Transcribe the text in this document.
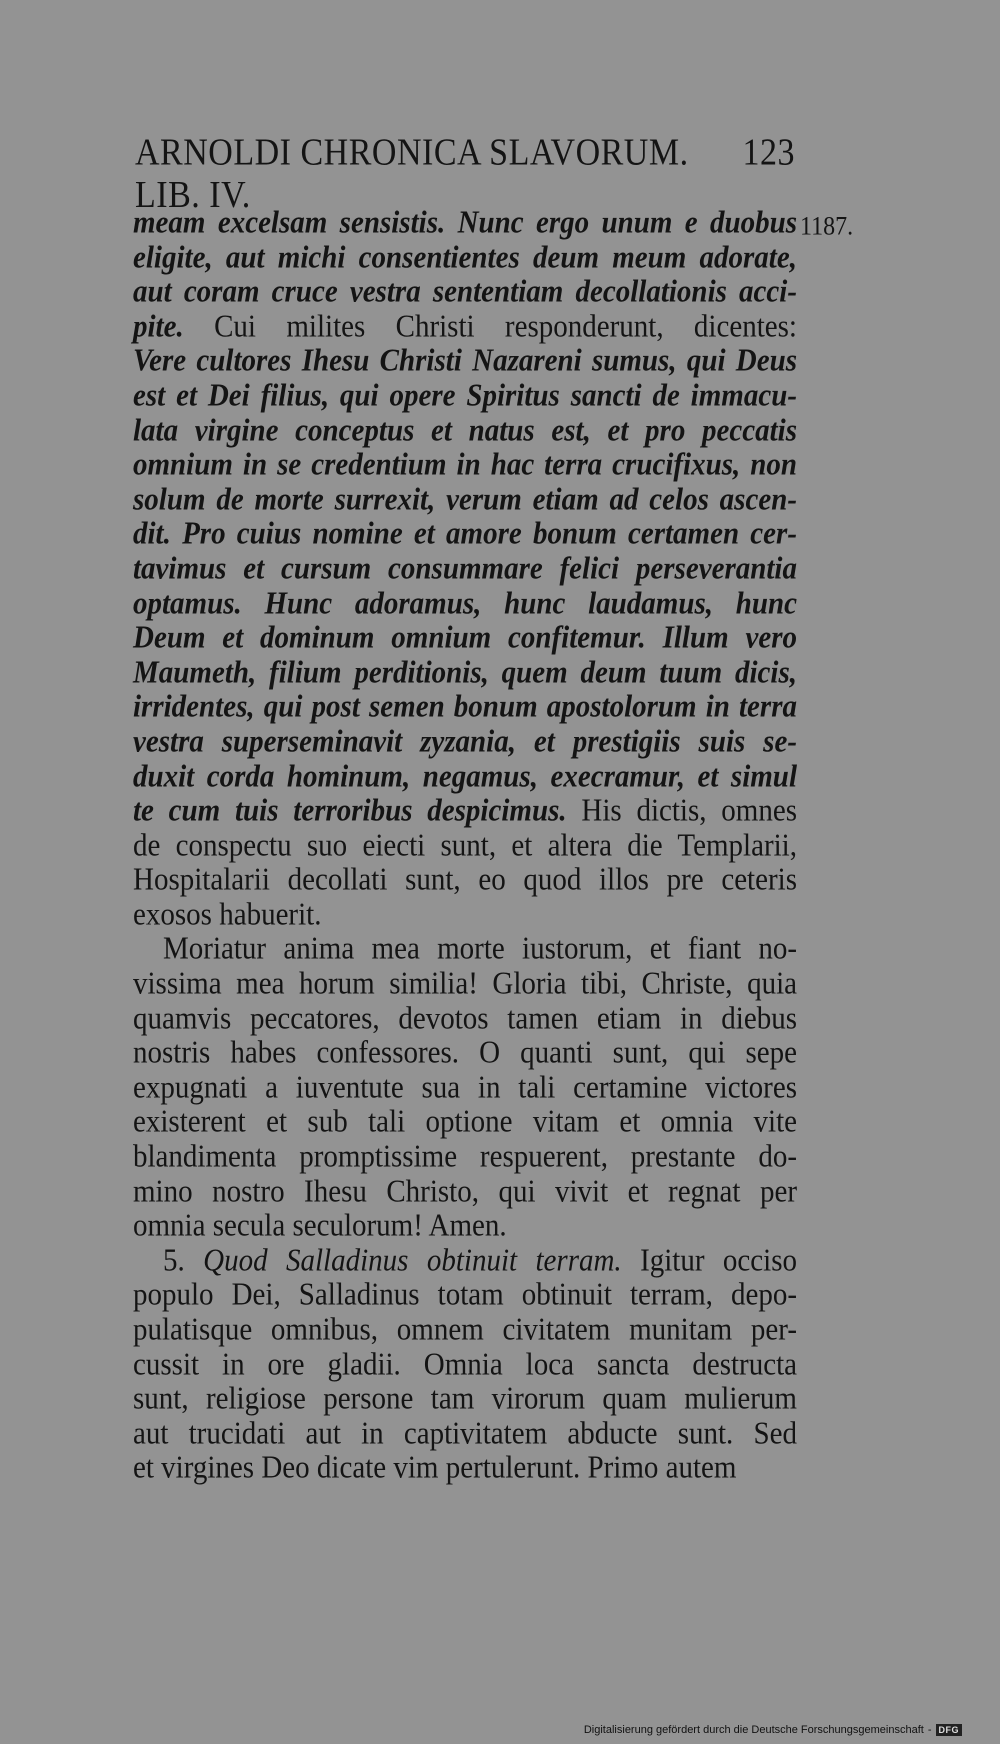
ARNOLDI CHRONICA SLAVORUM. LIB. IV.
123
1187.
meam excelsam sensistis. Nunc ergo unum e duobus
eligite, aut michi consentientes deum meum adorate,
aut coram cruce vestra sententiam decollationis acci-
pite. Cui milites Christi responderunt, dicentes:
Vere cultores Ihesu Christi Nazareni sumus, qui Deus
est et Dei filius, qui opere Spiritus sancti de immacu-
lata virgine conceptus et natus est, et pro peccatis
omnium in se credentium in hac terra crucifixus, non
solum de morte surrexit, verum etiam ad celos ascen-
dit. Pro cuius nomine et amore bonum certamen cer-
tavimus et cursum consummare felici perseverantia
optamus. Hunc adoramus, hunc laudamus, hunc
Deum et dominum omnium confitemur. Illum vero
Maumeth, filium perditionis, quem deum tuum dicis,
irridentes, qui post semen bonum apostolorum in terra
vestra superseminavit zyzania, et prestigiis suis se-
duxit corda hominum, negamus, execramur, et simul
te cum tuis terroribus despicimus. His dictis, omnes
de conspectu suo eiecti sunt, et altera die Templarii,
Hospitalarii decollati sunt, eo quod illos pre ceteris
exosos habuerit.
Moriatur anima mea morte iustorum, et fiant no-
vissima mea horum similia! Gloria tibi, Christe, quia
quamvis peccatores, devotos tamen etiam in diebus
nostris habes confessores. O quanti sunt, qui sepe
expugnati a iuventute sua in tali certamine victores
existerent et sub tali optione vitam et omnia vite
blandimenta promptissime respuerent, prestante do-
mino nostro Ihesu Christo, qui vivit et regnat per
omnia secula seculorum! Amen.
5. Quod Salladinus obtinuit terram. Igitur occiso
populo Dei, Salladinus totam obtinuit terram, depo-
pulatisque omnibus, omnem civitatem munitam per-
cussit in ore gladii. Omnia loca sancta destructa
sunt, religiose persone tam virorum quam mulierum
aut trucidati aut in captivitatem abducte sunt. Sed
et virgines Deo dicate vim pertulerunt. Primo autem
Digitalisierung gefördert durch die Deutsche Forschungsgemeinschaft - DFG
